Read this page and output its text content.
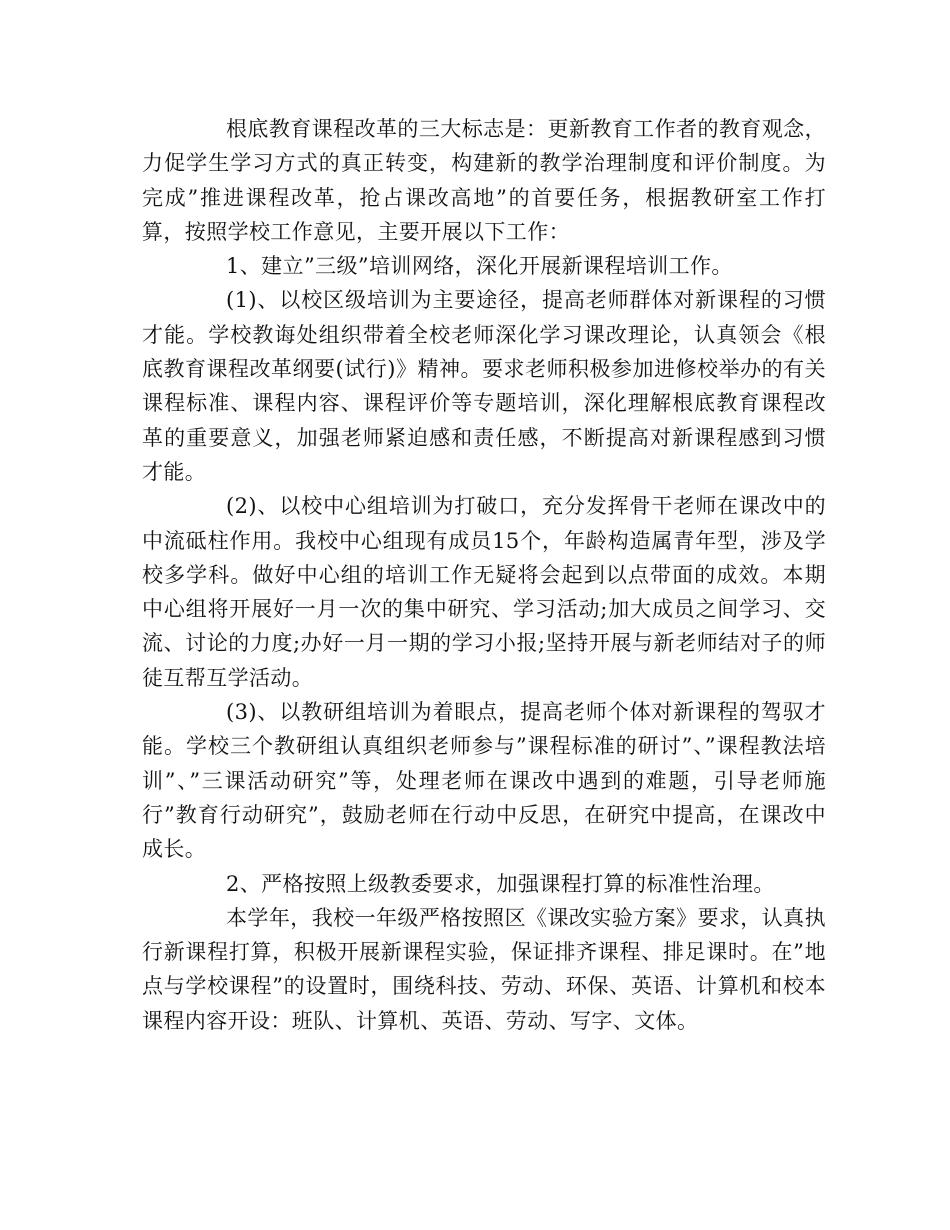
根底教育课程改革的三大标志是：更新教育工作者的教育观念，力促学生学习方式的真正转变，构建新的教学治理制度和评价制度。为完成”推进课程改革，抢占课改高地”的首要任务，根据教研室工作打算，按照学校工作意见，主要开展以下工作：

1、建立”三级”培训网络，深化开展新课程培训工作。

(1)、以校区级培训为主要途径，提高老师群体对新课程的习惯才能。学校教诲处组织带着全校老师深化学习课改理论，认真领会《根底教育课程改革纲要(试行)》精神。要求老师积极参加进修校举办的有关课程标准、课程内容、课程评价等专题培训，深化理解根底教育课程改革的重要意义，加强老师紧迫感和责任感，不断提高对新课程感到习惯才能。

(2)、以校中心组培训为打破口，充分发挥骨干老师在课改中的中流砥柱作用。我校中心组现有成员15个，年龄构造属青年型，涉及学校多学科。做好中心组的培训工作无疑将会起到以点带面的成效。本期中心组将开展好一月一次的集中研究、学习活动;加大成员之间学习、交流、讨论的力度;办好一月一期的学习小报;坚持开展与新老师结对子的师徒互帮互学活动。

(3)、以教研组培训为着眼点，提高老师个体对新课程的驾驭才能。学校三个教研组认真组织老师参与”课程标准的研讨”、”课程教法培训”、”三课活动研究”等，处理老师在课改中遇到的难题，引导老师施行”教育行动研究”，鼓励老师在行动中反思，在研究中提高，在课改中成长。

2、严格按照上级教委要求，加强课程打算的标准性治理。

本学年，我校一年级严格按照区《课改实验方案》要求，认真执行新课程打算，积极开展新课程实验，保证排齐课程、排足课时。在”地点与学校课程”的设置时，围绕科技、劳动、环保、英语、计算机和校本课程内容开设：班队、计算机、英语、劳动、写字、文体。
